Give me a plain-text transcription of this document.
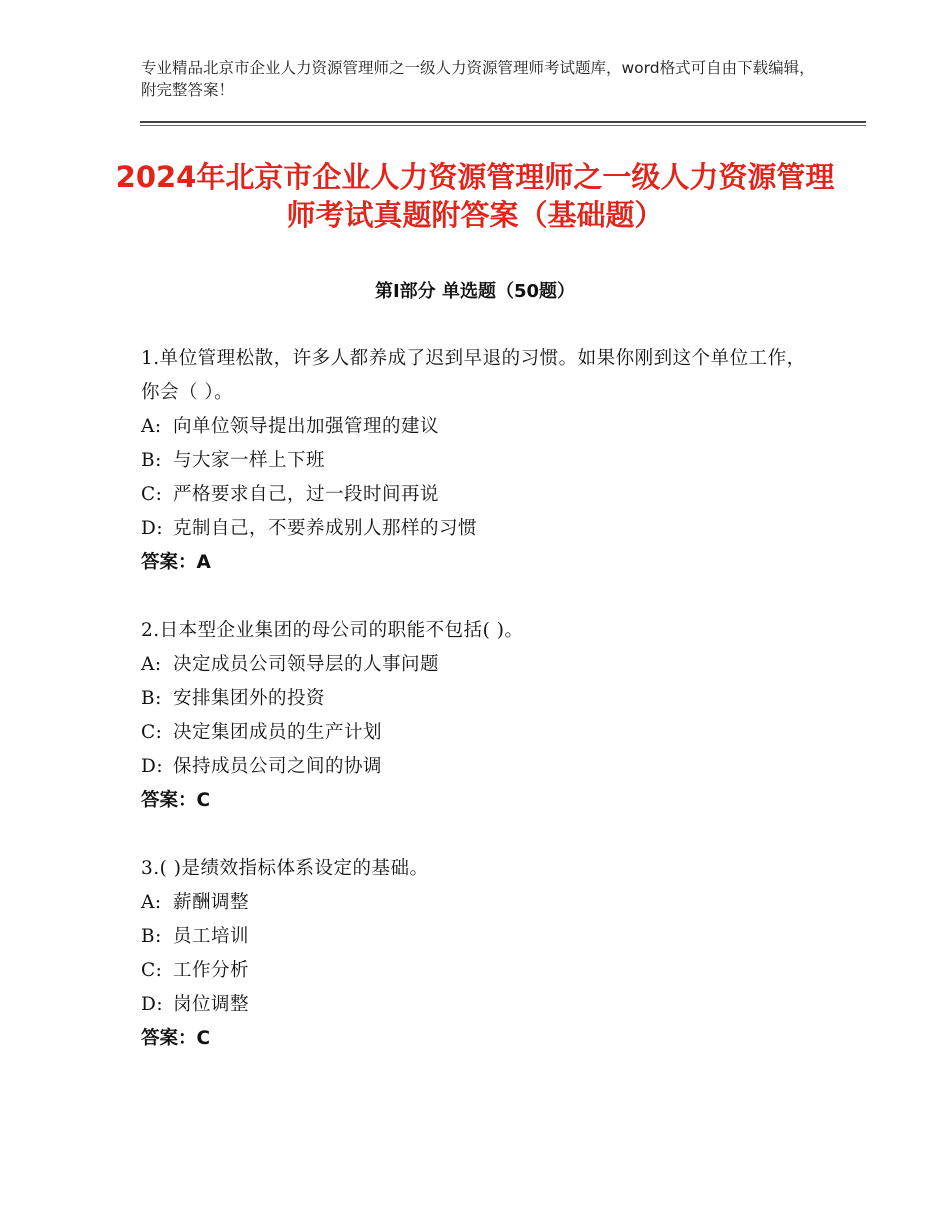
专业精品北京市企业人力资源管理师之一级人力资源管理师考试题库，word格式可自由下载编辑，附完整答案！
2024年北京市企业人力资源管理师之一级人力资源管理师考试真题附答案（基础题）
第Ⅰ部分 单选题（50题）
1.单位管理松散，许多人都养成了迟到早退的习惯。如果你刚到这个单位工作，你会（ ）。
A: 向单位领导提出加强管理的建议
B: 与大家一样上下班
C: 严格要求自己，过一段时间再说
D: 克制自己，不要养成别人那样的习惯
答案：A
2.日本型企业集团的母公司的职能不包括( )。
A: 决定成员公司领导层的人事问题
B: 安排集团外的投资
C: 决定集团成员的生产计划
D: 保持成员公司之间的协调
答案：C
3.( )是绩效指标体系设定的基础。
A: 薪酬调整
B: 员工培训
C: 工作分析
D: 岗位调整
答案：C
